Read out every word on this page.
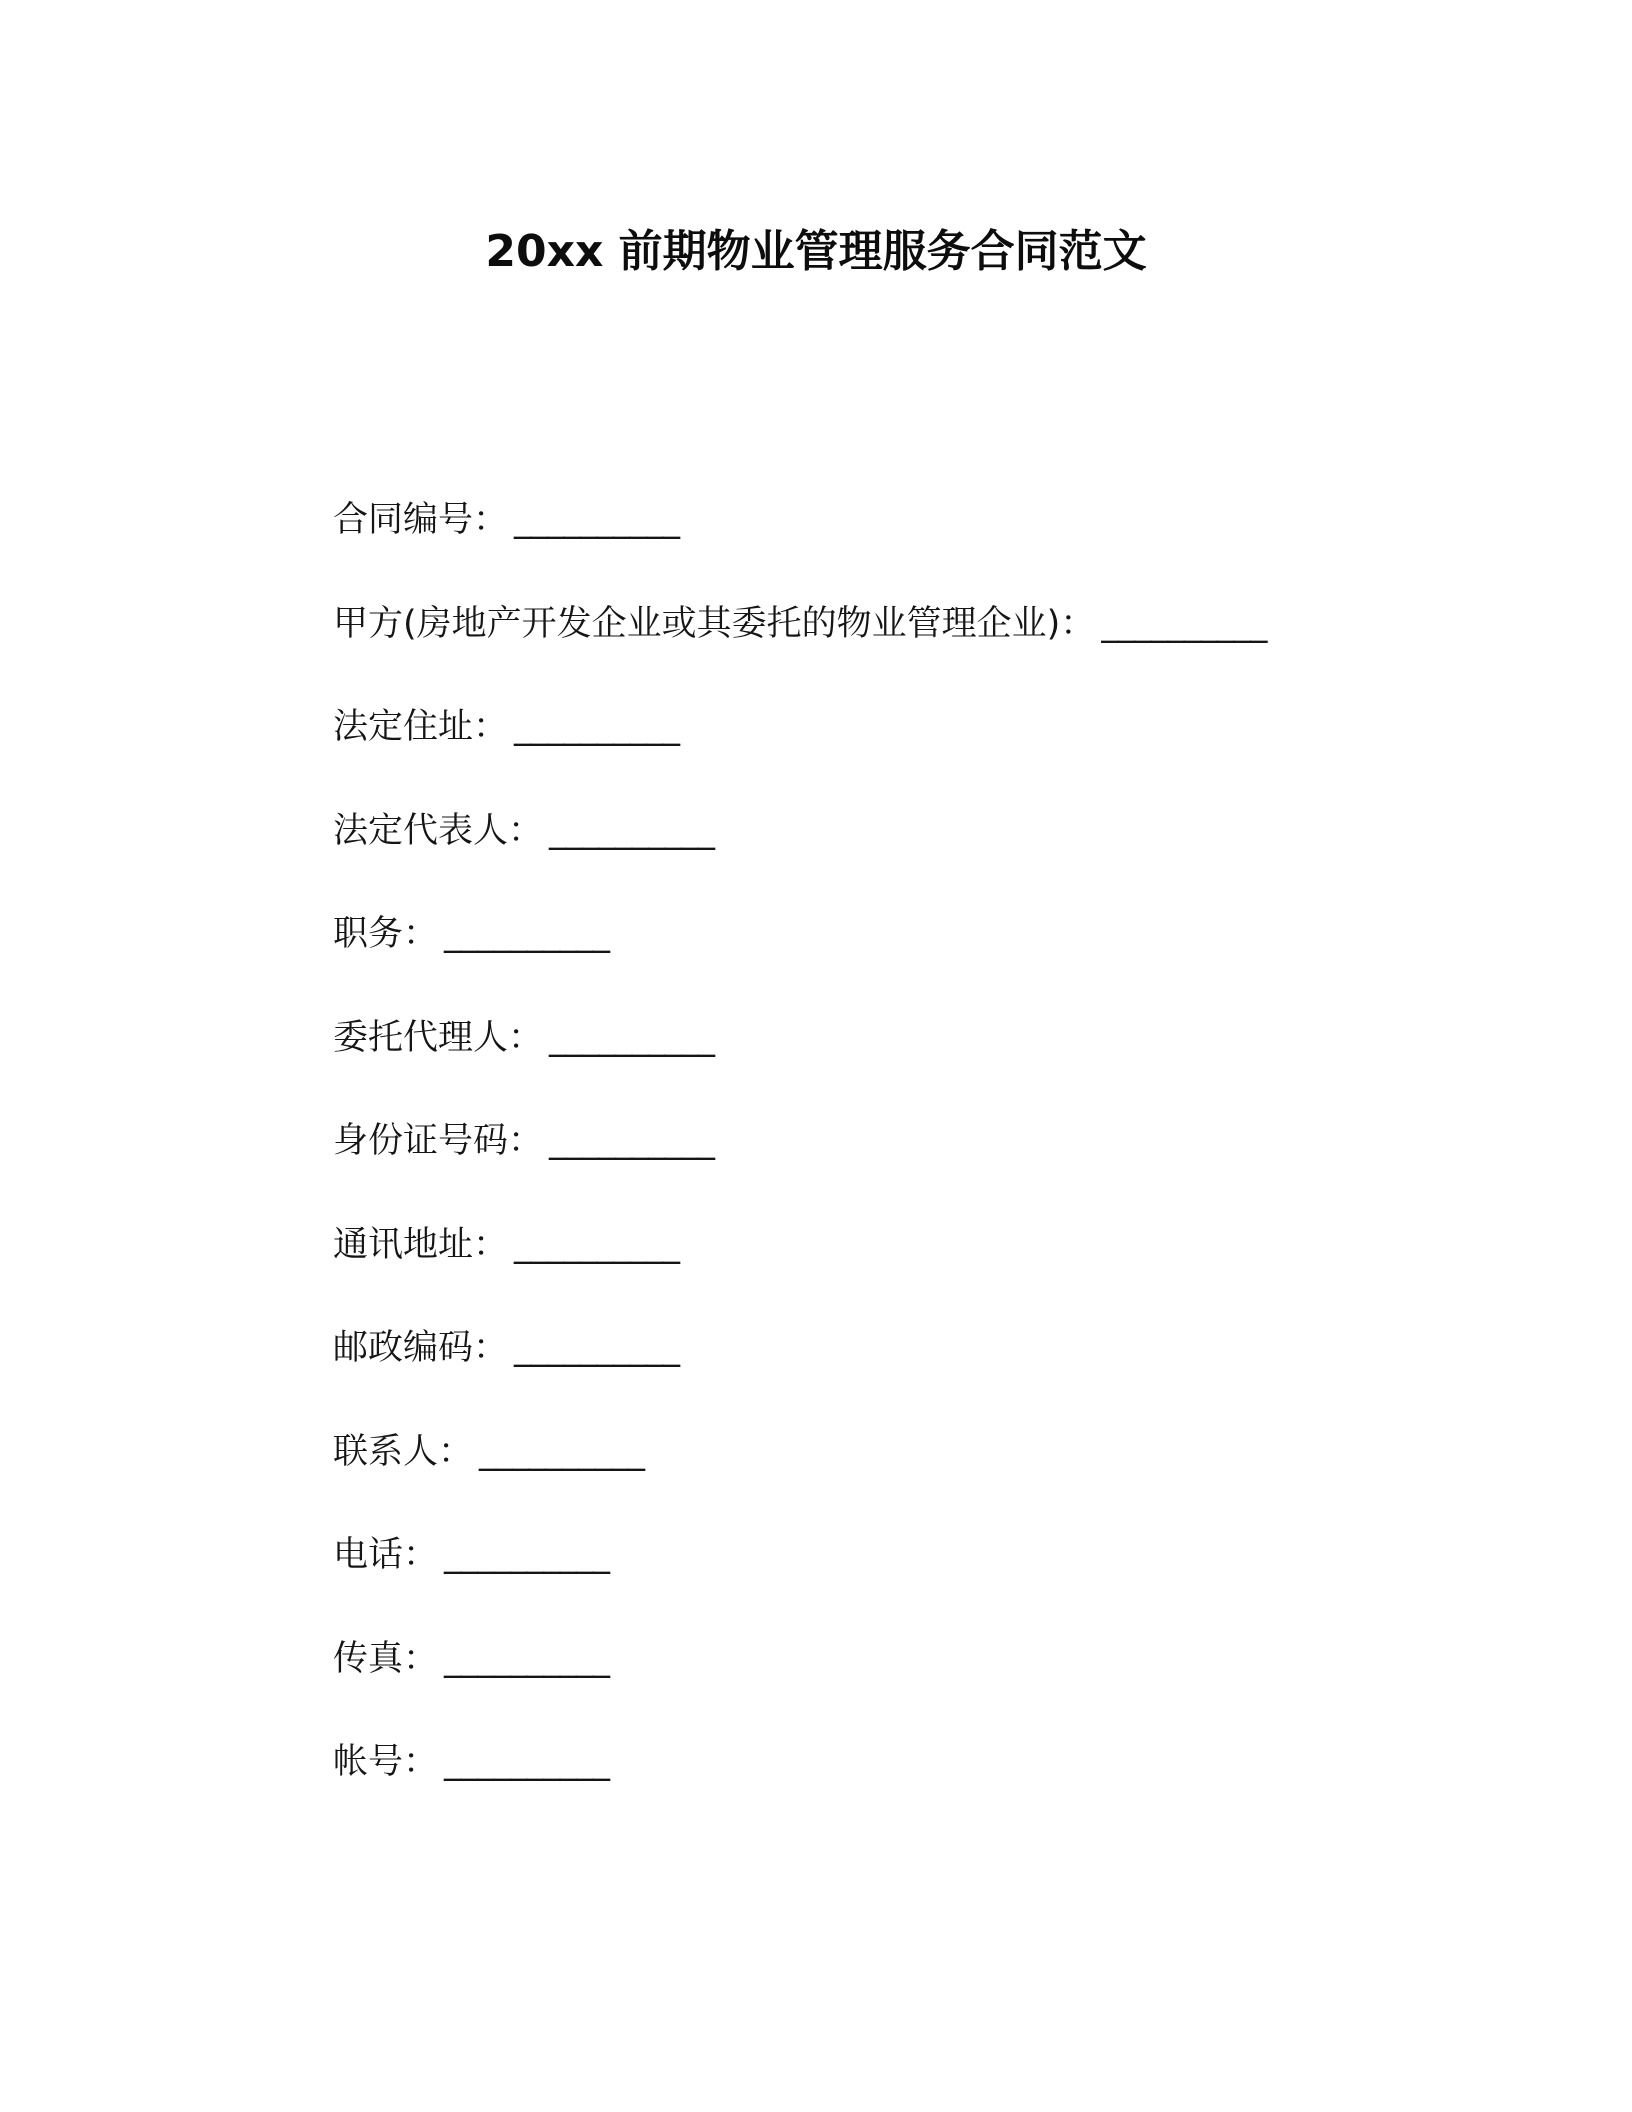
20xx 前期物业管理服务合同范文
合同编号： __________
甲方(房地产开发企业或其委托的物业管理企业)： __________
法定住址： __________
法定代表人： __________
职务： __________
委托代理人： __________
身份证号码： __________
通讯地址： __________
邮政编码： __________
联系人： __________
电话： __________
传真： __________
帐号： __________
